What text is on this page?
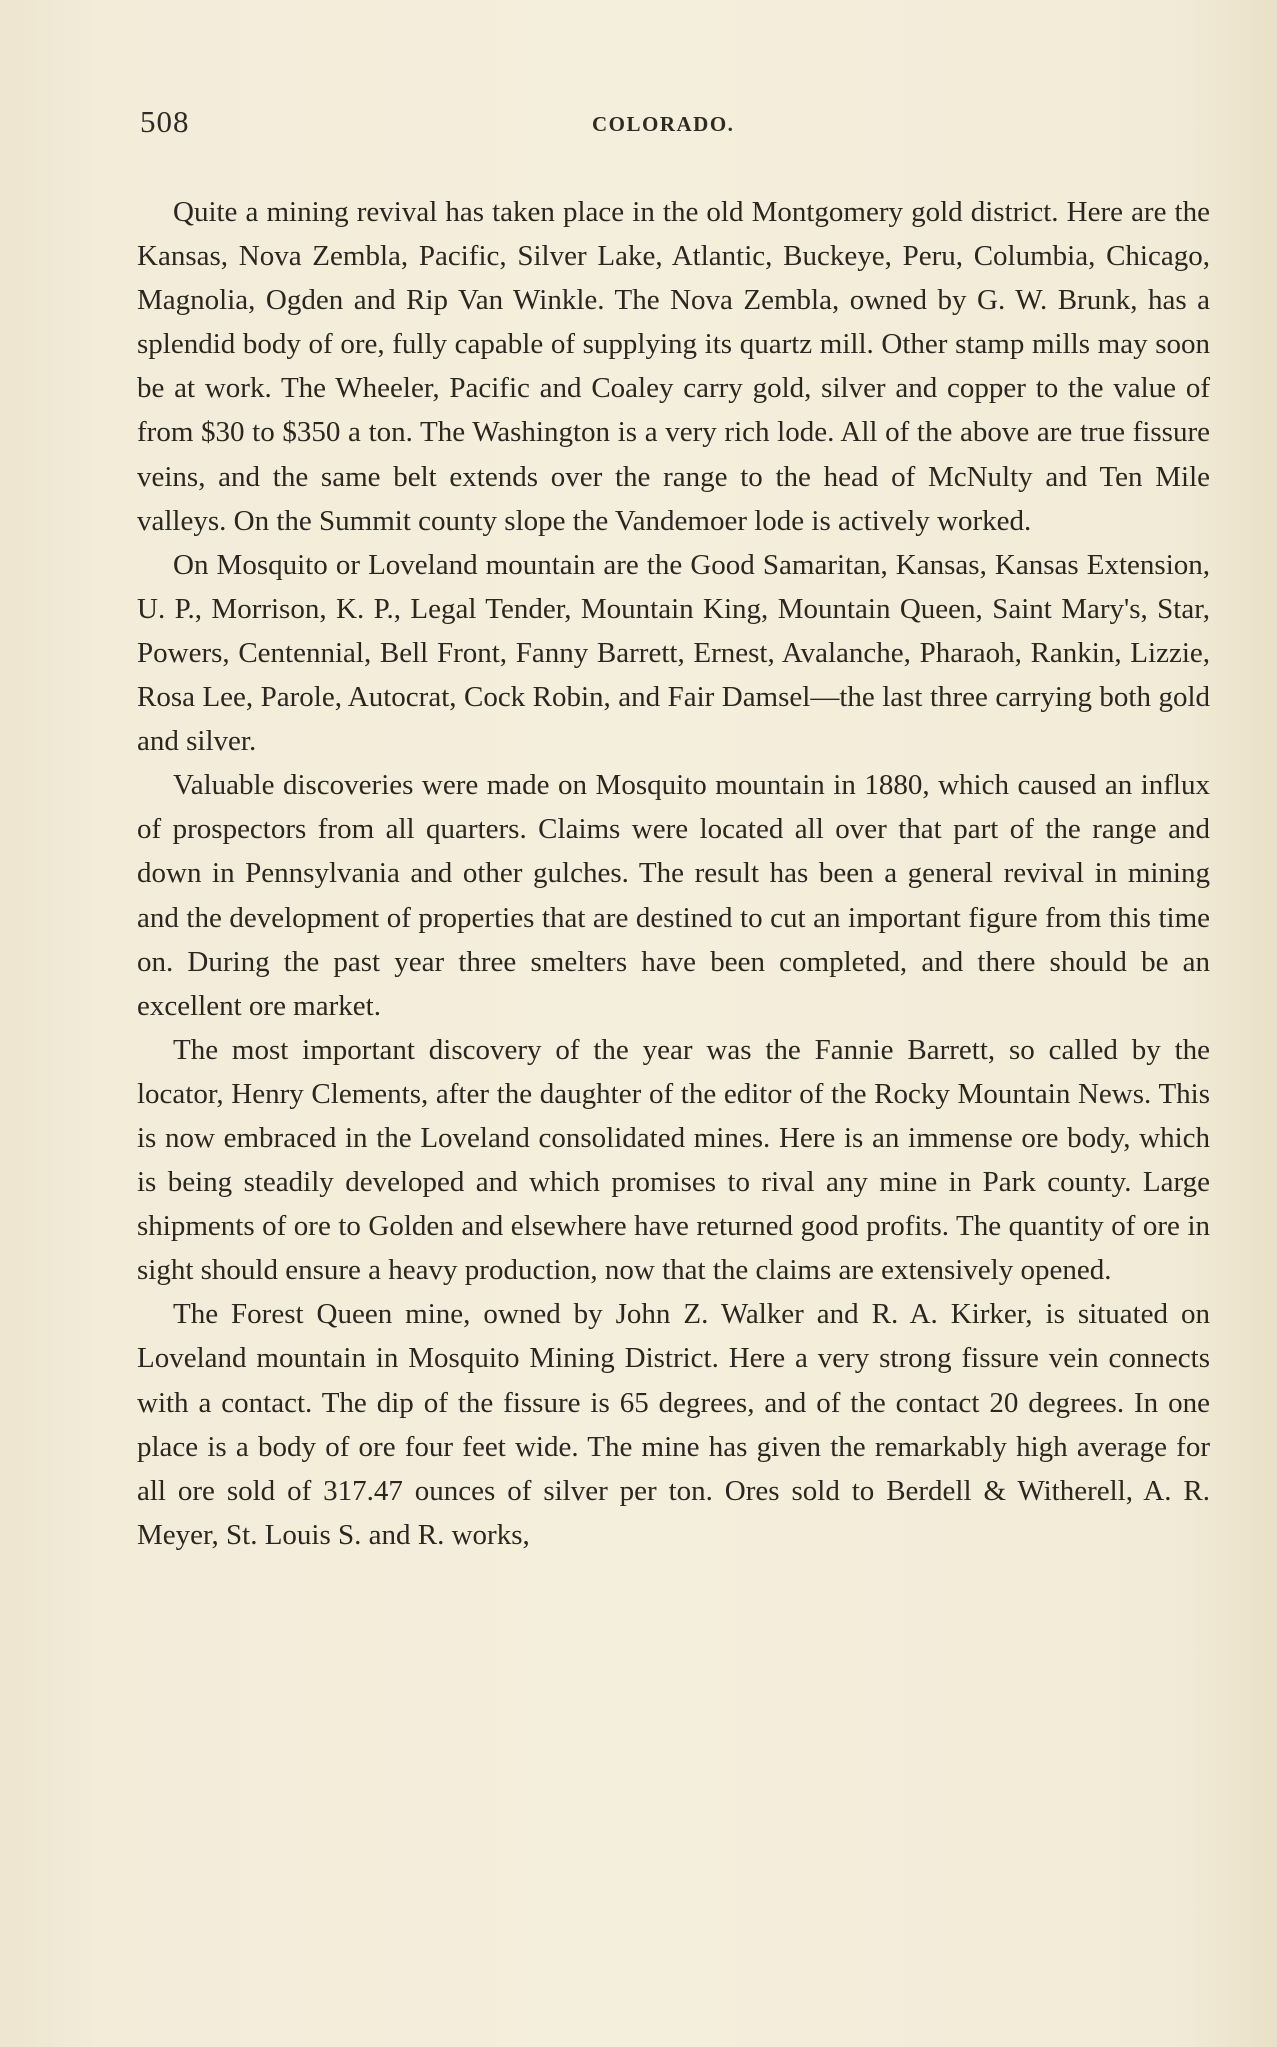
508	COLORADO.

Quite a mining revival has taken place in the old Montgomery gold district. Here are the Kansas, Nova Zembla, Pacific, Silver Lake, Atlantic, Buckeye, Peru, Columbia, Chicago, Magnolia, Ogden and Rip Van Winkle. The Nova Zembla, owned by G. W. Brunk, has a splendid body of ore, fully capable of supplying its quartz mill. Other stamp mills may soon be at work. The Wheeler, Pacific and Coaley carry gold, silver and copper to the value of from $30 to $350 a ton. The Washington is a very rich lode. All of the above are true fissure veins, and the same belt extends over the range to the head of McNulty and Ten Mile valleys. On the Summit county slope the Vandemoer lode is actively worked.

On Mosquito or Loveland mountain are the Good Samaritan, Kansas, Kansas Extension, U. P., Morrison, K. P., Legal Tender, Mountain King, Mountain Queen, Saint Mary's, Star, Powers, Centennial, Bell Front, Fanny Barrett, Ernest, Avalanche, Pharaoh, Rankin, Lizzie, Rosa Lee, Parole, Autocrat, Cock Robin, and Fair Damsel—the last three carrying both gold and silver.

Valuable discoveries were made on Mosquito mountain in 1880, which caused an influx of prospectors from all quarters. Claims were located all over that part of the range and down in Pennsylvania and other gulches. The result has been a general revival in mining and the development of properties that are destined to cut an important figure from this time on. During the past year three smelters have been completed, and there should be an excellent ore market.

The most important discovery of the year was the Fannie Barrett, so called by the locator, Henry Clements, after the daughter of the editor of the Rocky Mountain News. This is now embraced in the Loveland consolidated mines. Here is an immense ore body, which is being steadily developed and which promises to rival any mine in Park county. Large shipments of ore to Golden and elsewhere have returned good profits. The quantity of ore in sight should ensure a heavy production, now that the claims are extensively opened.

The Forest Queen mine, owned by John Z. Walker and R. A. Kirker, is situated on Loveland mountain in Mosquito Mining District. Here a very strong fissure vein connects with a contact. The dip of the fissure is 65 degrees, and of the contact 20 degrees. In one place is a body of ore four feet wide. The mine has given the remarkably high average for all ore sold of 317.47 ounces of silver per ton. Ores sold to Berdell & Witherell, A. R. Meyer, St. Louis S. and R. works,
